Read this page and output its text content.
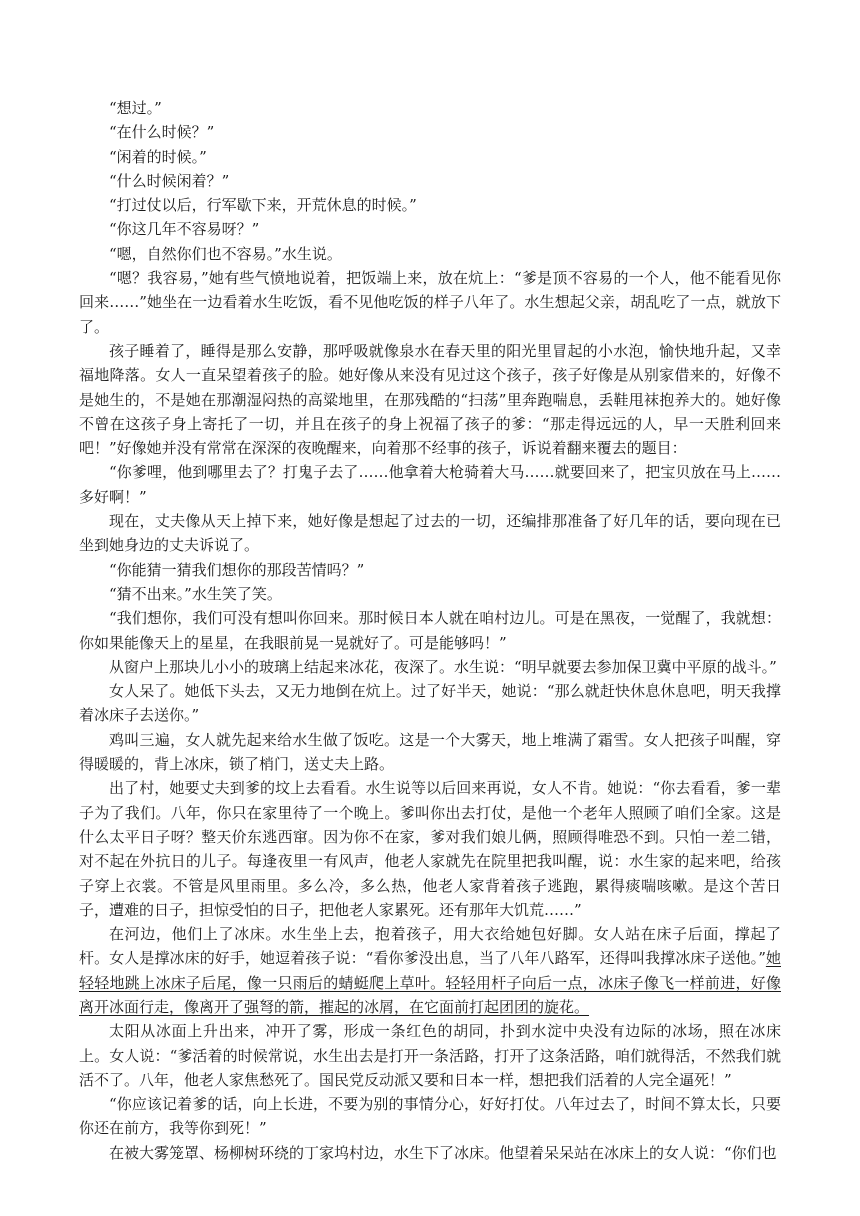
“想过。”

“在什么时候？”

“闲着的时候。”

“什么时候闲着？”

“打过仗以后，行军歇下来，开荒休息的时候。”

“你这几年不容易呀？”

“嗯，自然你们也不容易。”水生说。

“嗯？我容易，”她有些气愤地说着，把饭端上来，放在炕上：“爹是顶不容易的一个人，他不能看见你回来……”她坐在一边看着水生吃饭，看不见他吃饭的样子八年了。水生想起父亲，胡乱吃了一点，就放下了。

孩子睡着了，睡得是那么安静，那呼吸就像泉水在春天里的阳光里冒起的小水泡，愉快地升起，又幸福地降落。女人一直呆望着孩子的脸。她好像从来没有见过这个孩子，孩子好像是从别家借来的，好像不是她生的，不是她在那潮湿闷热的高粱地里，在那残酷的“扫荡”里奔跑喘息，丢鞋甩袜抱养大的。她好像不曾在这孩子身上寄托了一切，并且在孩子的身上祝福了孩子的爹：“那走得远远的人，早一天胜利回来吧！”好像她并没有常常在深深的夜晚醒来，向着那不经事的孩子，诉说着翻来覆去的题目：

“你爹哩，他到哪里去了？打鬼子去了……他拿着大枪骑着大马……就要回来了，把宝贝放在马上……多好啊！”

现在，丈夫像从天上掉下来，她好像是想起了过去的一切，还编排那准备了好几年的话，要向现在已坐到她身边的丈夫诉说了。

“你能猜一猜我们想你的那段苦情吗？”

“猜不出来。”水生笑了笑。

“我们想你，我们可没有想叫你回来。那时候日本人就在咱村边儿。可是在黑夜，一觉醒了，我就想：你如果能像天上的星星，在我眼前晃一晃就好了。可是能够吗！”

从窗户上那块儿小小的玻璃上结起来冰花，夜深了。水生说：“明早就要去参加保卫冀中平原的战斗。”

女人呆了。她低下头去，又无力地倒在炕上。过了好半天，她说：“那么就赶快休息休息吧，明天我撑着冰床子去送你。”

鸡叫三遍，女人就先起来给水生做了饭吃。这是一个大雾天，地上堆满了霜雪。女人把孩子叫醒，穿得暖暖的，背上冰床，锁了梢门，送丈夫上路。

出了村，她要丈夫到爹的坟上去看看。水生说等以后回来再说，女人不肯。她说：“你去看看，爹一辈子为了我们。八年，你只在家里待了一个晚上。爹叫你出去打仗，是他一个老年人照顾了咱们全家。这是什么太平日子呀？整天价东逃西窜。因为你不在家，爹对我们娘儿俩，照顾得唯恐不到。只怕一差二错，对不起在外抗日的儿子。每逢夜里一有风声，他老人家就先在院里把我叫醒，说：水生家的起来吧，给孩子穿上衣裳。不管是风里雨里。多么冷，多么热，他老人家背着孩子逃跑，累得痰喘咳嗽。是这个苦日子，遭难的日子，担惊受怕的日子，把他老人家累死。还有那年大饥荒……”

在河边，他们上了冰床。水生坐上去，抱着孩子，用大衣给她包好脚。女人站在床子后面，撑起了杆。女人是撑冰床的好手，她逗着孩子说：“看你爹没出息，当了八年八路军，还得叫我撑冰床子送他。”她轻轻地跳上冰床子后尾，像一只雨后的蜻蜓爬上草叶。轻轻用杆子向后一点，冰床子像飞一样前进，好像离开冰面行走，像离开了强弩的箭，摧起的冰屑，在它面前打起团团的旋花。

太阳从冰面上升出来，冲开了雾，形成一条红色的胡同，扑到水淀中央没有边际的冰场，照在冰床上。女人说：“爹活着的时候常说，水生出去是打开一条活路，打开了这条活路，咱们就得活，不然我们就活不了。八年，他老人家焦愁死了。国民党反动派又要和日本一样，想把我们活着的人完全逼死！”

“你应该记着爹的话，向上长进，不要为别的事情分心，好好打仗。八年过去了，时间不算太长，只要你还在前方，我等你到死！”

在被大雾笼罩、杨柳树环绕的丁家坞村边，水生下了冰床。他望着呆呆站在冰床上的女人说：“你们也
